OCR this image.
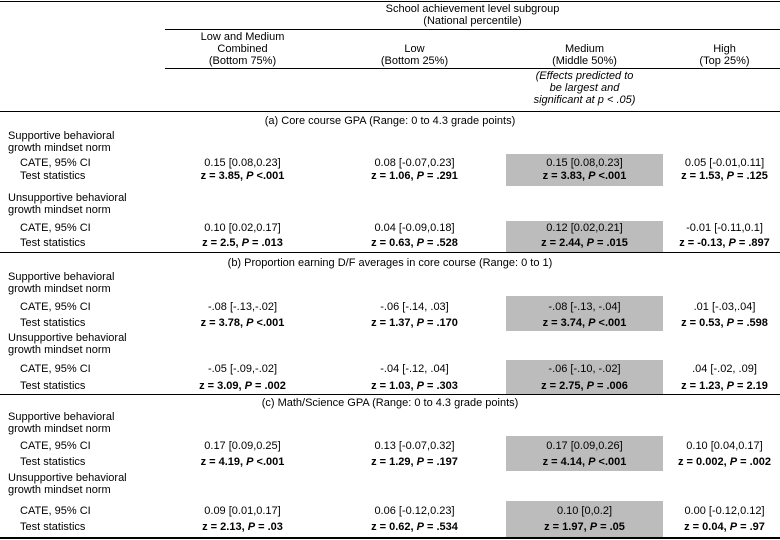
School achievement level subgroup
(National percentile)
Low and Medium
Combined
(Bottom 75%)
Low
(Bottom 25%)
Medium
(Middle 50%)
High
(Top 25%)
(Effects predicted to
be largest and
significant at p < .05)
(a) Core course GPA (Range: 0 to 4.3 grade points)
Supportive behavioral
growth mindset norm
CATE, 95% CI	0.15 [0.08,0.23]	0.08 [-0.07,0.23]	0.15 [0.08,0.23]	0.05 [-0.01,0.11]
Test statistics	z = 3.85, P <.001	z = 1.06, P = .291	z = 3.83, P <.001	z = 1.53, P = .125
Unsupportive behavioral
growth mindset norm
CATE, 95% CI	0.10 [0.02,0.17]	0.04 [-0.09,0.18]	0.12 [0.02,0.21]	-0.01 [-0.11,0.1]
Test statistics	z = 2.5, P = .013	z = 0.63, P = .528	z = 2.44, P = .015	z = -0.13, P = .897
(b) Proportion earning D/F averages in core course (Range: 0 to 1)
Supportive behavioral
growth mindset norm
CATE, 95% CI	-.08 [-.13,-.02]	-.06 [-.14, .03]	-.08 [-.13, -.04]	.01 [-.03,.04]
Test statistics	z = 3.78, P <.001	z = 1.37, P = .170	z = 3.74, P <.001	z = 0.53, P = .598
Unsupportive behavioral
growth mindset norm
CATE, 95% CI	-.05 [-.09,-.02]	-.04 [-.12, .04]	-.06 [-.10, -.02]	.04 [-.02, .09]
Test statistics	z = 3.09, P = .002	z = 1.03, P = .303	z = 2.75, P = .006	z = 1.23, P = 2.19
(c) Math/Science GPA (Range: 0 to 4.3 grade points)
Supportive behavioral
growth mindset norm
CATE, 95% CI	0.17 [0.09,0.25]	0.13 [-0.07,0.32]	0.17 [0.09,0.26]	0.10 [0.04,0.17]
Test statistics	z = 4.19, P <.001	z = 1.29, P = .197	z = 4.14, P <.001	z = 0.002, P = .002
Unsupportive behavioral
growth mindset norm
CATE, 95% CI	0.09 [0.01,0.17]	0.06 [-0.12,0.23]	0.10 [0,0.2]	0.00 [-0.12,0.12]
Test statistics	z = 2.13, P = .03	z = 0.62, P = .534	z = 1.97, P = .05	z = 0.04, P = .97
